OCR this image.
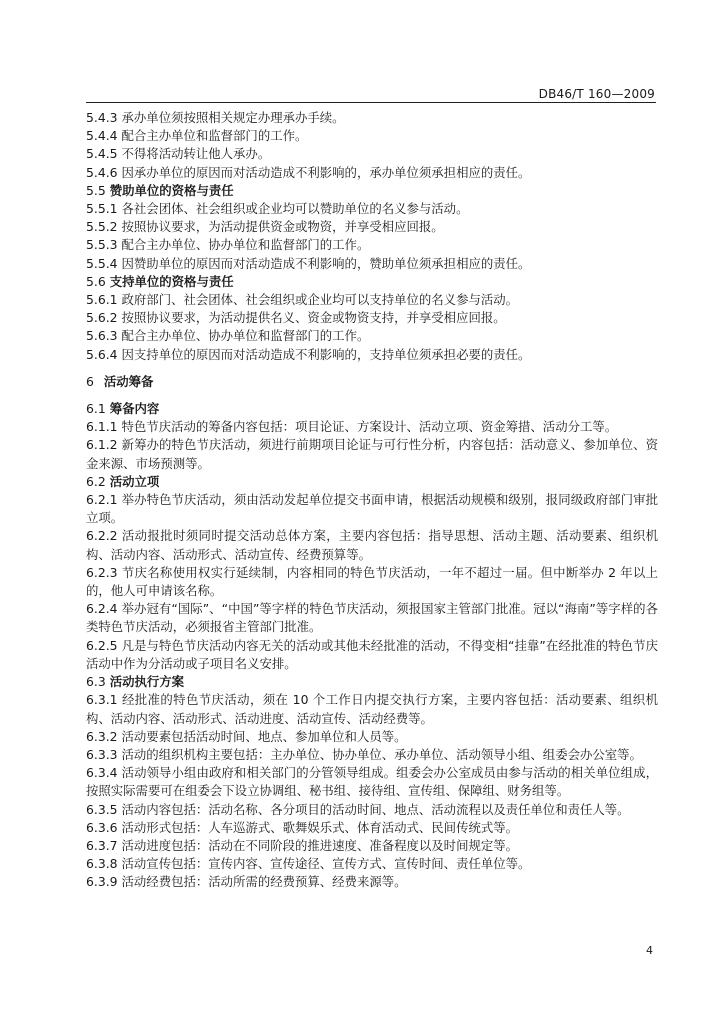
DB46/T 160—2009
5.4.3 承办单位须按照相关规定办理承办手续。
5.4.4 配合主办单位和监督部门的工作。
5.4.5 不得将活动转让他人承办。
5.4.6 因承办单位的原因而对活动造成不利影响的，承办单位须承担相应的责任。
5.5 赞助单位的资格与责任
5.5.1 各社会团体、社会组织或企业均可以赞助单位的名义参与活动。
5.5.2 按照协议要求，为活动提供资金或物资，并享受相应回报。
5.5.3 配合主办单位、协办单位和监督部门的工作。
5.5.4 因赞助单位的原因而对活动造成不利影响的，赞助单位须承担相应的责任。
5.6 支持单位的资格与责任
5.6.1 政府部门、社会团体、社会组织或企业均可以支持单位的名义参与活动。
5.6.2 按照协议要求，为活动提供名义、资金或物资支持，并享受相应回报。
5.6.3 配合主办单位、协办单位和监督部门的工作。
5.6.4 因支持单位的原因而对活动造成不利影响的，支持单位须承担必要的责任。
6 活动筹备
6.1 筹备内容
6.1.1 特色节庆活动的筹备内容包括：项目论证、方案设计、活动立项、资金筹措、活动分工等。
6.1.2 新筹办的特色节庆活动，须进行前期项目论证与可行性分析，内容包括：活动意义、参加单位、资金来源、市场预测等。
6.2 活动立项
6.2.1 举办特色节庆活动，须由活动发起单位提交书面申请，根据活动规模和级别，报同级政府部门审批立项。
6.2.2 活动报批时须同时提交活动总体方案，主要内容包括：指导思想、活动主题、活动要素、组织机构、活动内容、活动形式、活动宣传、经费预算等。
6.2.3 节庆名称使用权实行延续制，内容相同的特色节庆活动，一年不超过一届。但中断举办 2 年以上的，他人可申请该名称。
6.2.4 举办冠有“国际”、“中国”等字样的特色节庆活动，须报国家主管部门批准。冠以“海南”等字样的各类特色节庆活动，必须报省主管部门批准。
6.2.5 凡是与特色节庆活动内容无关的活动或其他未经批准的活动，不得变相“挂靠”在经批准的特色节庆活动中作为分活动或子项目名义安排。
6.3 活动执行方案
6.3.1 经批准的特色节庆活动，须在 10 个工作日内提交执行方案，主要内容包括：活动要素、组织机构、活动内容、活动形式、活动进度、活动宣传、活动经费等。
6.3.2 活动要素包括活动时间、地点、参加单位和人员等。
6.3.3 活动的组织机构主要包括：主办单位、协办单位、承办单位、活动领导小组、组委会办公室等。
6.3.4 活动领导小组由政府和相关部门的分管领导组成。组委会办公室成员由参与活动的相关单位组成，按照实际需要可在组委会下设立协调组、秘书组、接待组、宣传组、保障组、财务组等。
6.3.5 活动内容包括：活动名称、各分项目的活动时间、地点、活动流程以及责任单位和责任人等。
6.3.6 活动形式包括：人车巡游式、歌舞娱乐式、体育活动式、民间传统式等。
6.3.7 活动进度包括：活动在不同阶段的推进速度、准备程度以及时间规定等。
6.3.8 活动宣传包括：宣传内容、宣传途径、宣传方式、宣传时间、责任单位等。
6.3.9 活动经费包括：活动所需的经费预算、经费来源等。
4
